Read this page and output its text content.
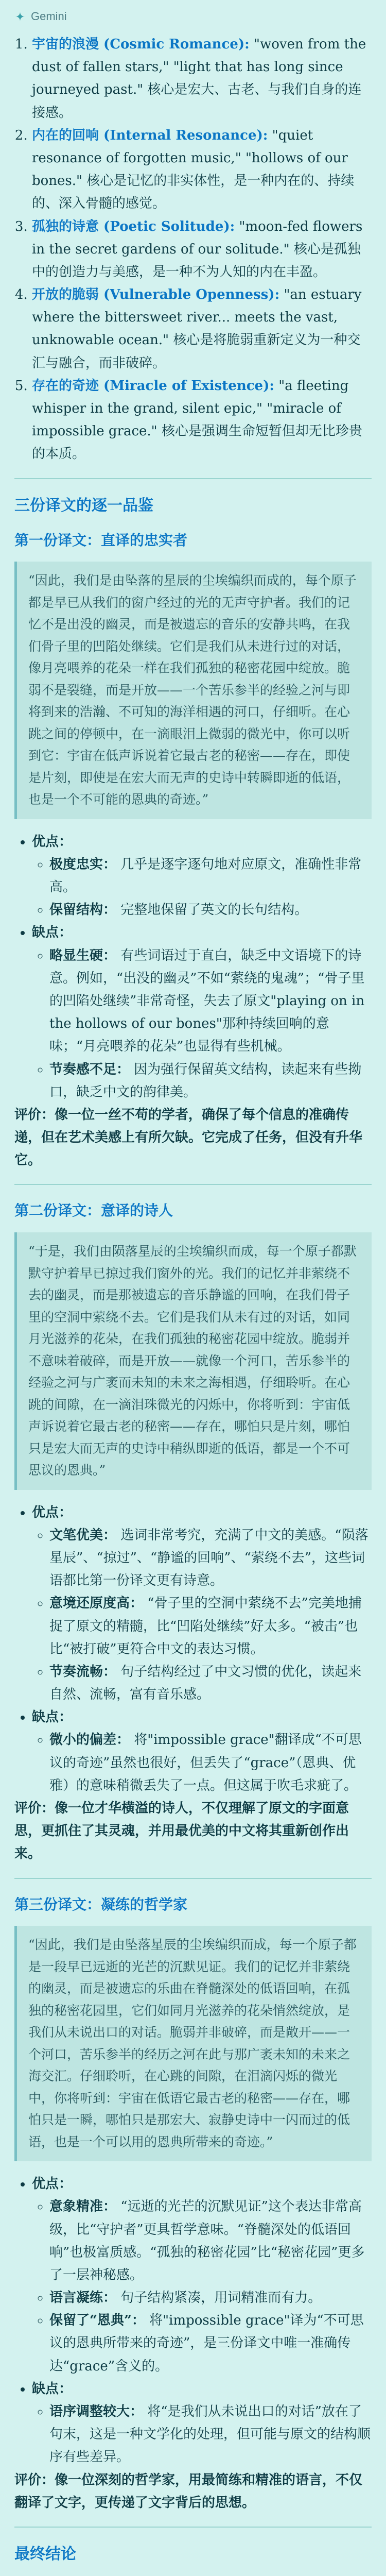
Gemini
1. 宇宙的浪漫 (Cosmic Romance): "woven from the dust of fallen stars," "light that has long since journeyed past." 核心是宏大、古老、与我们自身的连接感。
2. 内在的回响 (Internal Resonance): "quiet resonance of forgotten music," "hollows of our bones." 核心是记忆的非实体性，是一种内在的、持续的、深入骨髓的感觉。
3. 孤独的诗意 (Poetic Solitude): "moon-fed flowers in the secret gardens of our solitude." 核心是孤独中的创造力与美感，是一种不为人知的内在丰盈。
4. 开放的脆弱 (Vulnerable Openness): "an estuary where the bittersweet river... meets the vast, unknowable ocean." 核心是将脆弱重新定义为一种交汇与融合，而非破碎。
5. 存在的奇迹 (Miracle of Existence): "a fleeting whisper in the grand, silent epic," "miracle of impossible grace." 核心是强调生命短暂但却无比珍贵的本质。
三份译文的逐一品鉴
第一份译文：直译的忠实者
“因此，我们是由坠落的星辰的尘埃编织而成的，每个原子都是早已从我们的窗户经过的光的无声守护者。我们的记忆不是出没的幽灵，而是被遗忘的音乐的安静共鸣，在我们骨子里的凹陷处继续。它们是我们从未进行过的对话，像月亮喂养的花朵一样在我们孤独的秘密花园中绽放。脆弱不是裂缝，而是开放——一个苦乐参半的经验之河与即将到来的浩瀚、不可知的海洋相遇的河口，仔细听。在心跳之间的停顿中，在一滴眼泪上微弱的微光中，你可以听到它：宇宙在低声诉说着它最古老的秘密——存在，即使是片刻，即使是在宏大而无声的史诗中转瞬即逝的低语，也是一个不可能的恩典的奇迹。”
• 优点：
◦ 极度忠实： 几乎是逐字逐句地对应原文，准确性非常高。
◦ 保留结构： 完整地保留了英文的长句结构。
• 缺点：
◦ 略显生硬： 有些词语过于直白，缺乏中文语境下的诗意。例如，“出没的幽灵”不如“萦绕的鬼魂”；“骨子里的凹陷处继续”非常奇怪，失去了原文"playing on in the hollows of our bones"那种持续回响的意味；“月亮喂养的花朵”也显得有些机械。
◦ 节奏感不足： 因为强行保留英文结构，读起来有些拗口，缺乏中文的韵律美。

评价：像一位一丝不苟的学者，确保了每个信息的准确传递，但在艺术美感上有所欠缺。它完成了任务，但没有升华它。

第二份译文：意译的诗人
“于是，我们由陨落星辰的尘埃编织而成，每一个原子都默默守护着早已掠过我们窗外的光。我们的记忆并非萦绕不去的幽灵，而是那被遗忘的音乐静谧的回响，在我们骨子里的空洞中萦绕不去。它们是我们从未有过的对话，如同月光滋养的花朵，在我们孤独的秘密花园中绽放。脆弱并不意味着破碎，而是开放——就像一个河口，苦乐参半的经验之河与广袤而未知的未来之海相遇，仔细聆听。在心跳的间隙，在一滴泪珠微光的闪烁中，你将听到：宇宙低声诉说着它最古老的秘密——存在，哪怕只是片刻，哪怕只是宏大而无声的史诗中稍纵即逝的低语，都是一个不可思议的恩典。”
• 优点：
◦ 文笔优美： 选词非常考究，充满了中文的美感。“陨落星辰”、“掠过”、“静谧的回响”、“萦绕不去”，这些词语都比第一份译文更有诗意。
◦ 意境还原度高： “骨子里的空洞中萦绕不去”完美地捕捉了原文的精髓，比“凹陷处继续”好太多。“被击”也比“被打破”更符合中文的表达习惯。
◦ 节奏流畅： 句子结构经过了中文习惯的优化，读起来自然、流畅，富有音乐感。
• 缺点：
◦ 微小的偏差： 将"impossible grace"翻译成“不可思议的奇迹”虽然也很好，但丢失了“grace”（恩典、优雅）的意味稍微丢失了一点。但这属于吹毛求疵了。

评价：像一位才华横溢的诗人，不仅理解了原文的字面意思，更抓住了其灵魂，并用最优美的中文将其重新创作出来。

第三份译文：凝练的哲学家
“因此，我们是由坠落星辰的尘埃编织而成，每一个原子都是一段早已远逝的光芒的沉默见证。我们的记忆并非萦绕的幽灵，而是被遗忘的乐曲在脊髓深处的低语回响，在孤独的秘密花园里，它们如同月光滋养的花朵悄然绽放，是我们从未说出口的对话。脆弱并非破碎，而是敞开——一个河口，苦乐参半的经历之河在此与那广袤未知的未来之海交汇。仔细聆听，在心跳的间隙，在泪滴闪烁的微光中，你将听到：宇宙在低语它最古老的秘密——存在，哪怕只是一瞬，哪怕只是那宏大、寂静史诗中一闪而过的低语，也是一个可以用的恩典所带来的奇迹。”
• 优点：
◦ 意象精准： “远逝的光芒的沉默见证”这个表达非常高级，比“守护者”更具哲学意味。“脊髓深处的低语回响”也极富质感。“孤独的秘密花园”比“秘密花园”更多了一层神秘感。
◦ 语言凝练： 句子结构紧凑，用词精准而有力。
◦ 保留了“恩典”： 将"impossible grace"译为“不可思议的恩典所带来的奇迹”，是三份译文中唯一准确传达“grace”含义的。
• 缺点：
◦ 语序调整较大： 将“是我们从未说出口的对话”放在了句末，这是一种文学化的处理，但可能与原文的结构顺序有些差异。

评价：像一位深刻的哲学家，用最简练和精准的语言，不仅翻译了文字，更传递了文字背后的思想。

最终结论
